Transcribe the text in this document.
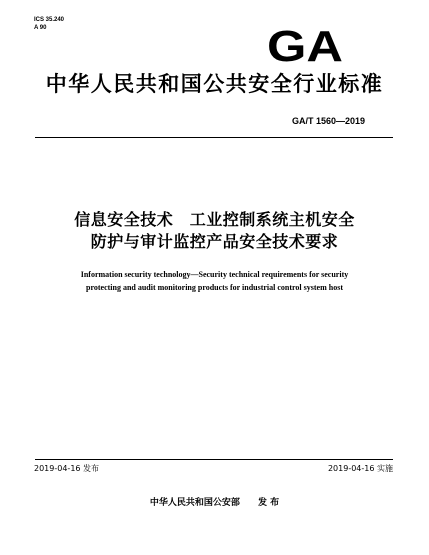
ICS 35.240
A 90	GA
中华人民共和国公共安全行业标准
GA/T 1560—2019
信息安全技术　工业控制系统主机安全
防护与审计监控产品安全技术要求
Information security technology—Security technical requirements for security
protecting and audit monitoring products for industrial control system host
2019-04-16 发布	2019-04-16 实施
中华人民共和国公安部 发 布
